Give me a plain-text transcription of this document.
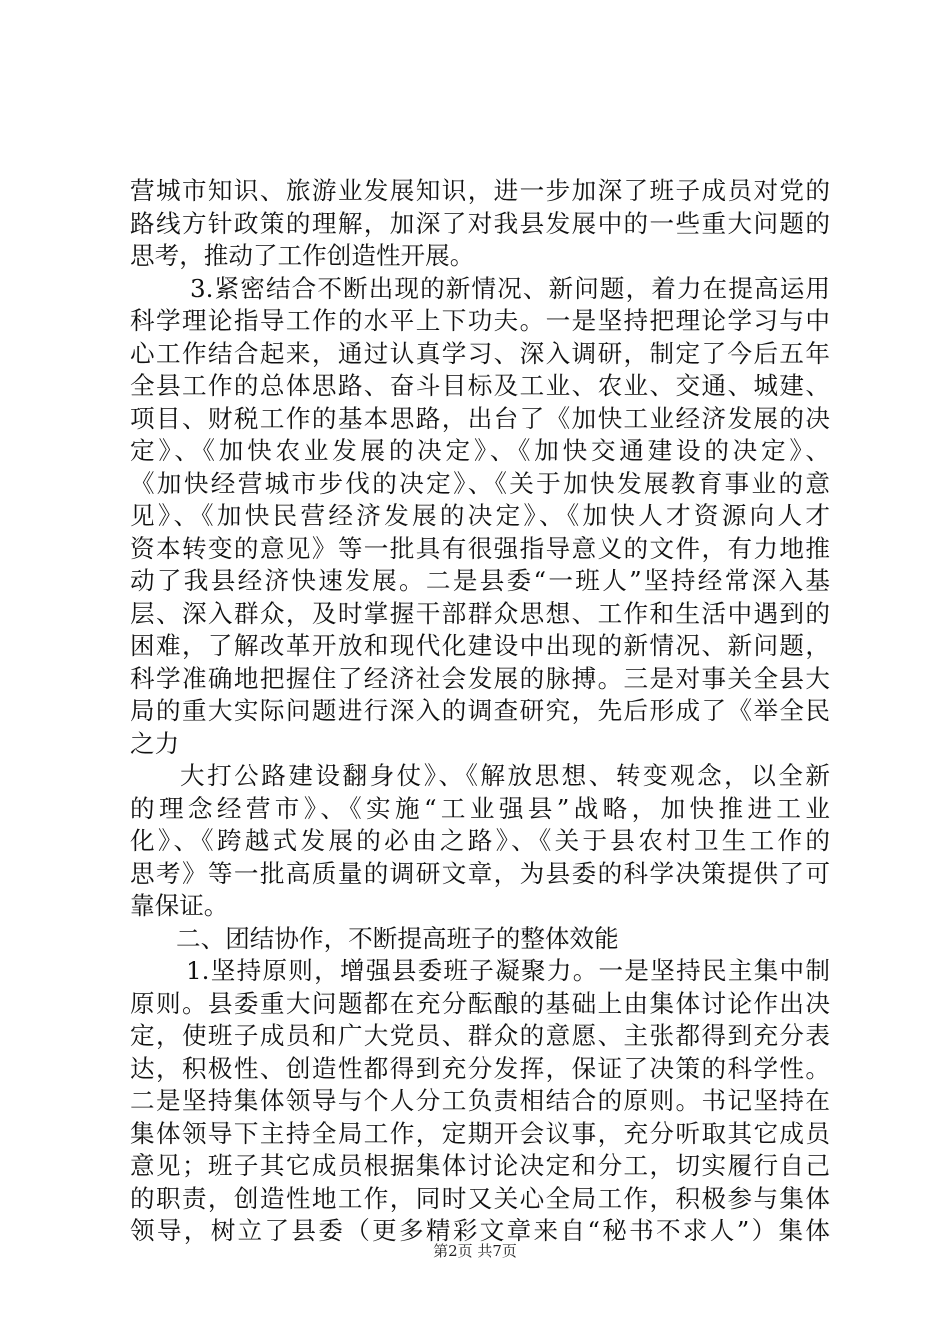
营城市知识、旅游业发展知识，进一步加深了班子成员对党的
路线方针政策的理解，加深了对我县发展中的一些重大问题的
思考，推动了工作创造性开展。
3.紧密结合不断出现的新情况、新问题，着力在提高运用
科学理论指导工作的水平上下功夫。一是坚持把理论学习与中
心工作结合起来，通过认真学习、深入调研，制定了今后五年
全县工作的总体思路、奋斗目标及工业、农业、交通、城建、
项目、财税工作的基本思路，出台了《加快工业经济发展的决
定》、《加快农业发展的决定》、《加快交通建设的决定》、
《加快经营城市步伐的决定》、《关于加快发展教育事业的意
见》、《加快民营经济发展的决定》、《加快人才资源向人才
资本转变的意见》等一批具有很强指导意义的文件，有力地推
动了我县经济快速发展。二是县委“一班人”坚持经常深入基
层、深入群众，及时掌握干部群众思想、工作和生活中遇到的
困难，了解改革开放和现代化建设中出现的新情况、新问题，
科学准确地把握住了经济社会发展的脉搏。三是对事关全县大
局的重大实际问题进行深入的调查研究，先后形成了《举全民
之力
大打公路建设翻身仗》、《解放思想、转变观念，以全新
的理念经营市》、《实施“工业强县”战略，加快推进工业
化》、《跨越式发展的必由之路》、《关于县农村卫生工作的
思考》等一批高质量的调研文章，为县委的科学决策提供了可
靠保证。
二、团结协作，不断提高班子的整体效能
1.坚持原则，增强县委班子凝聚力。一是坚持民主集中制
原则。县委重大问题都在充分酝酿的基础上由集体讨论作出决
定，使班子成员和广大党员、群众的意愿、主张都得到充分表
达，积极性、创造性都得到充分发挥，保证了决策的科学性。
二是坚持集体领导与个人分工负责相结合的原则。书记坚持在
集体领导下主持全局工作，定期开会议事，充分听取其它成员
意见；班子其它成员根据集体讨论决定和分工，切实履行自己
的职责，创造性地工作，同时又关心全局工作，积极参与集体
领导，树立了县委（更多精彩文章来自“秘书不求人”）集体
第2页 共7页
